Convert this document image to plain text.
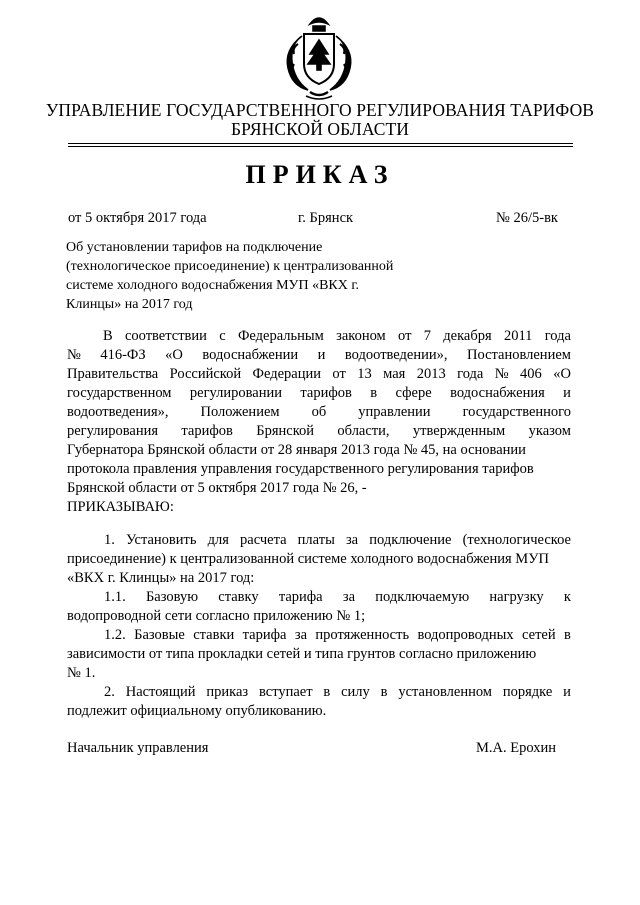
УПРАВЛЕНИЕ ГОСУДАРСТВЕННОГО РЕГУЛИРОВАНИЯ ТАРИФОВ
БРЯНСКОЙ ОБЛАСТИ
ПРИКАЗ
от 5 октября 2017 года	г. Брянск	№ 26/5-вк
Об установлении тарифов на подключение
(технологическое присоединение) к централизованной
системе холодного водоснабжения МУП «ВКХ г.
Клинцы» на 2017 год
В соответствии с Федеральным законом от 7 декабря 2011 года
№ 416-ФЗ «О водоснабжении и водоотведении», Постановлением
Правительства Российской Федерации от 13 мая 2013 года № 406 «О
государственном регулировании тарифов в сфере водоснабжения и
водоотведения», Положением об управлении государственного
регулирования тарифов Брянской области, утвержденным указом
Губернатора Брянской области от 28 января 2013 года № 45, на основании
протокола правления управления государственного регулирования тарифов
Брянской области от 5 октября 2017 года № 26, -
ПРИКАЗЫВАЮ:
1. Установить для расчета платы за подключение (технологическое
присоединение) к централизованной системе холодного водоснабжения МУП
«ВКХ г. Клинцы» на 2017 год:
1.1. Базовую ставку тарифа за подключаемую нагрузку к
водопроводной сети согласно приложению № 1;
1.2. Базовые ставки тарифа за протяженность водопроводных сетей в
зависимости от типа прокладки сетей и типа грунтов согласно приложению
№ 1.
2. Настоящий приказ вступает в силу в установленном порядке и
подлежит официальному опубликованию.
Начальник управления	М.А. Ерохин
